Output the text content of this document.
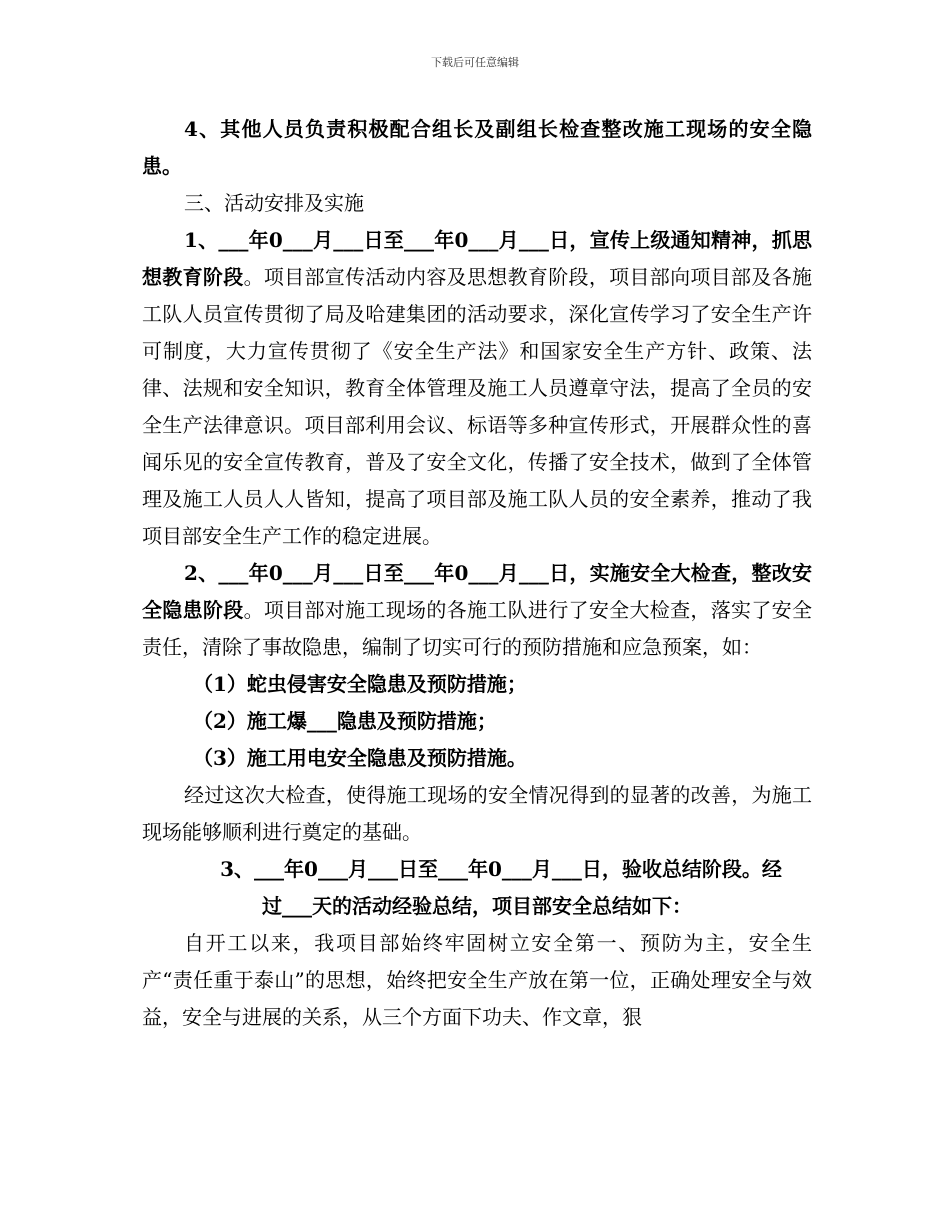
下载后可任意编辑

4、其他人员负责积极配合组长及副组长检查整改施工现场的安全隐患。

三、活动安排及实施

1、___年0___月___日至___年0___月___日，宣传上级通知精神，抓思想教育阶段。项目部宣传活动内容及思想教育阶段，项目部向项目部及各施工队人员宣传贯彻了局及哈建集团的活动要求，深化宣传学习了安全生产许可制度，大力宣传贯彻了《安全生产法》和国家安全生产方针、政策、法律、法规和安全知识，教育全体管理及施工人员遵章守法，提高了全员的安全生产法律意识。项目部利用会议、标语等多种宣传形式，开展群众性的喜闻乐见的安全宣传教育，普及了安全文化，传播了安全技术，做到了全体管理及施工人员人人皆知，提高了项目部及施工队人员的安全素养，推动了我项目部安全生产工作的稳定进展。

2、___年0___月___日至___年0___月___日，实施安全大检查，整改安全隐患阶段。项目部对施工现场的各施工队进行了安全大检查，落实了安全责任，清除了事故隐患，编制了切实可行的预防措施和应急预案，如：

（1）蛇虫侵害安全隐患及预防措施；

（2）施工爆___隐患及预防措施；

（3）施工用电安全隐患及预防措施。

经过这次大检查，使得施工现场的安全情况得到的显著的改善，为施工现场能够顺利进行奠定的基础。

3、___年0___月___日至___年0___月___日，验收总结阶段。经

过___天的活动经验总结，项目部安全总结如下：

自开工以来，我项目部始终牢固树立安全第一、预防为主，安全生产“责任重于泰山”的思想，始终把安全生产放在第一位，正确处理安全与效益，安全与进展的关系，从三个方面下功夫、作文章，狠
